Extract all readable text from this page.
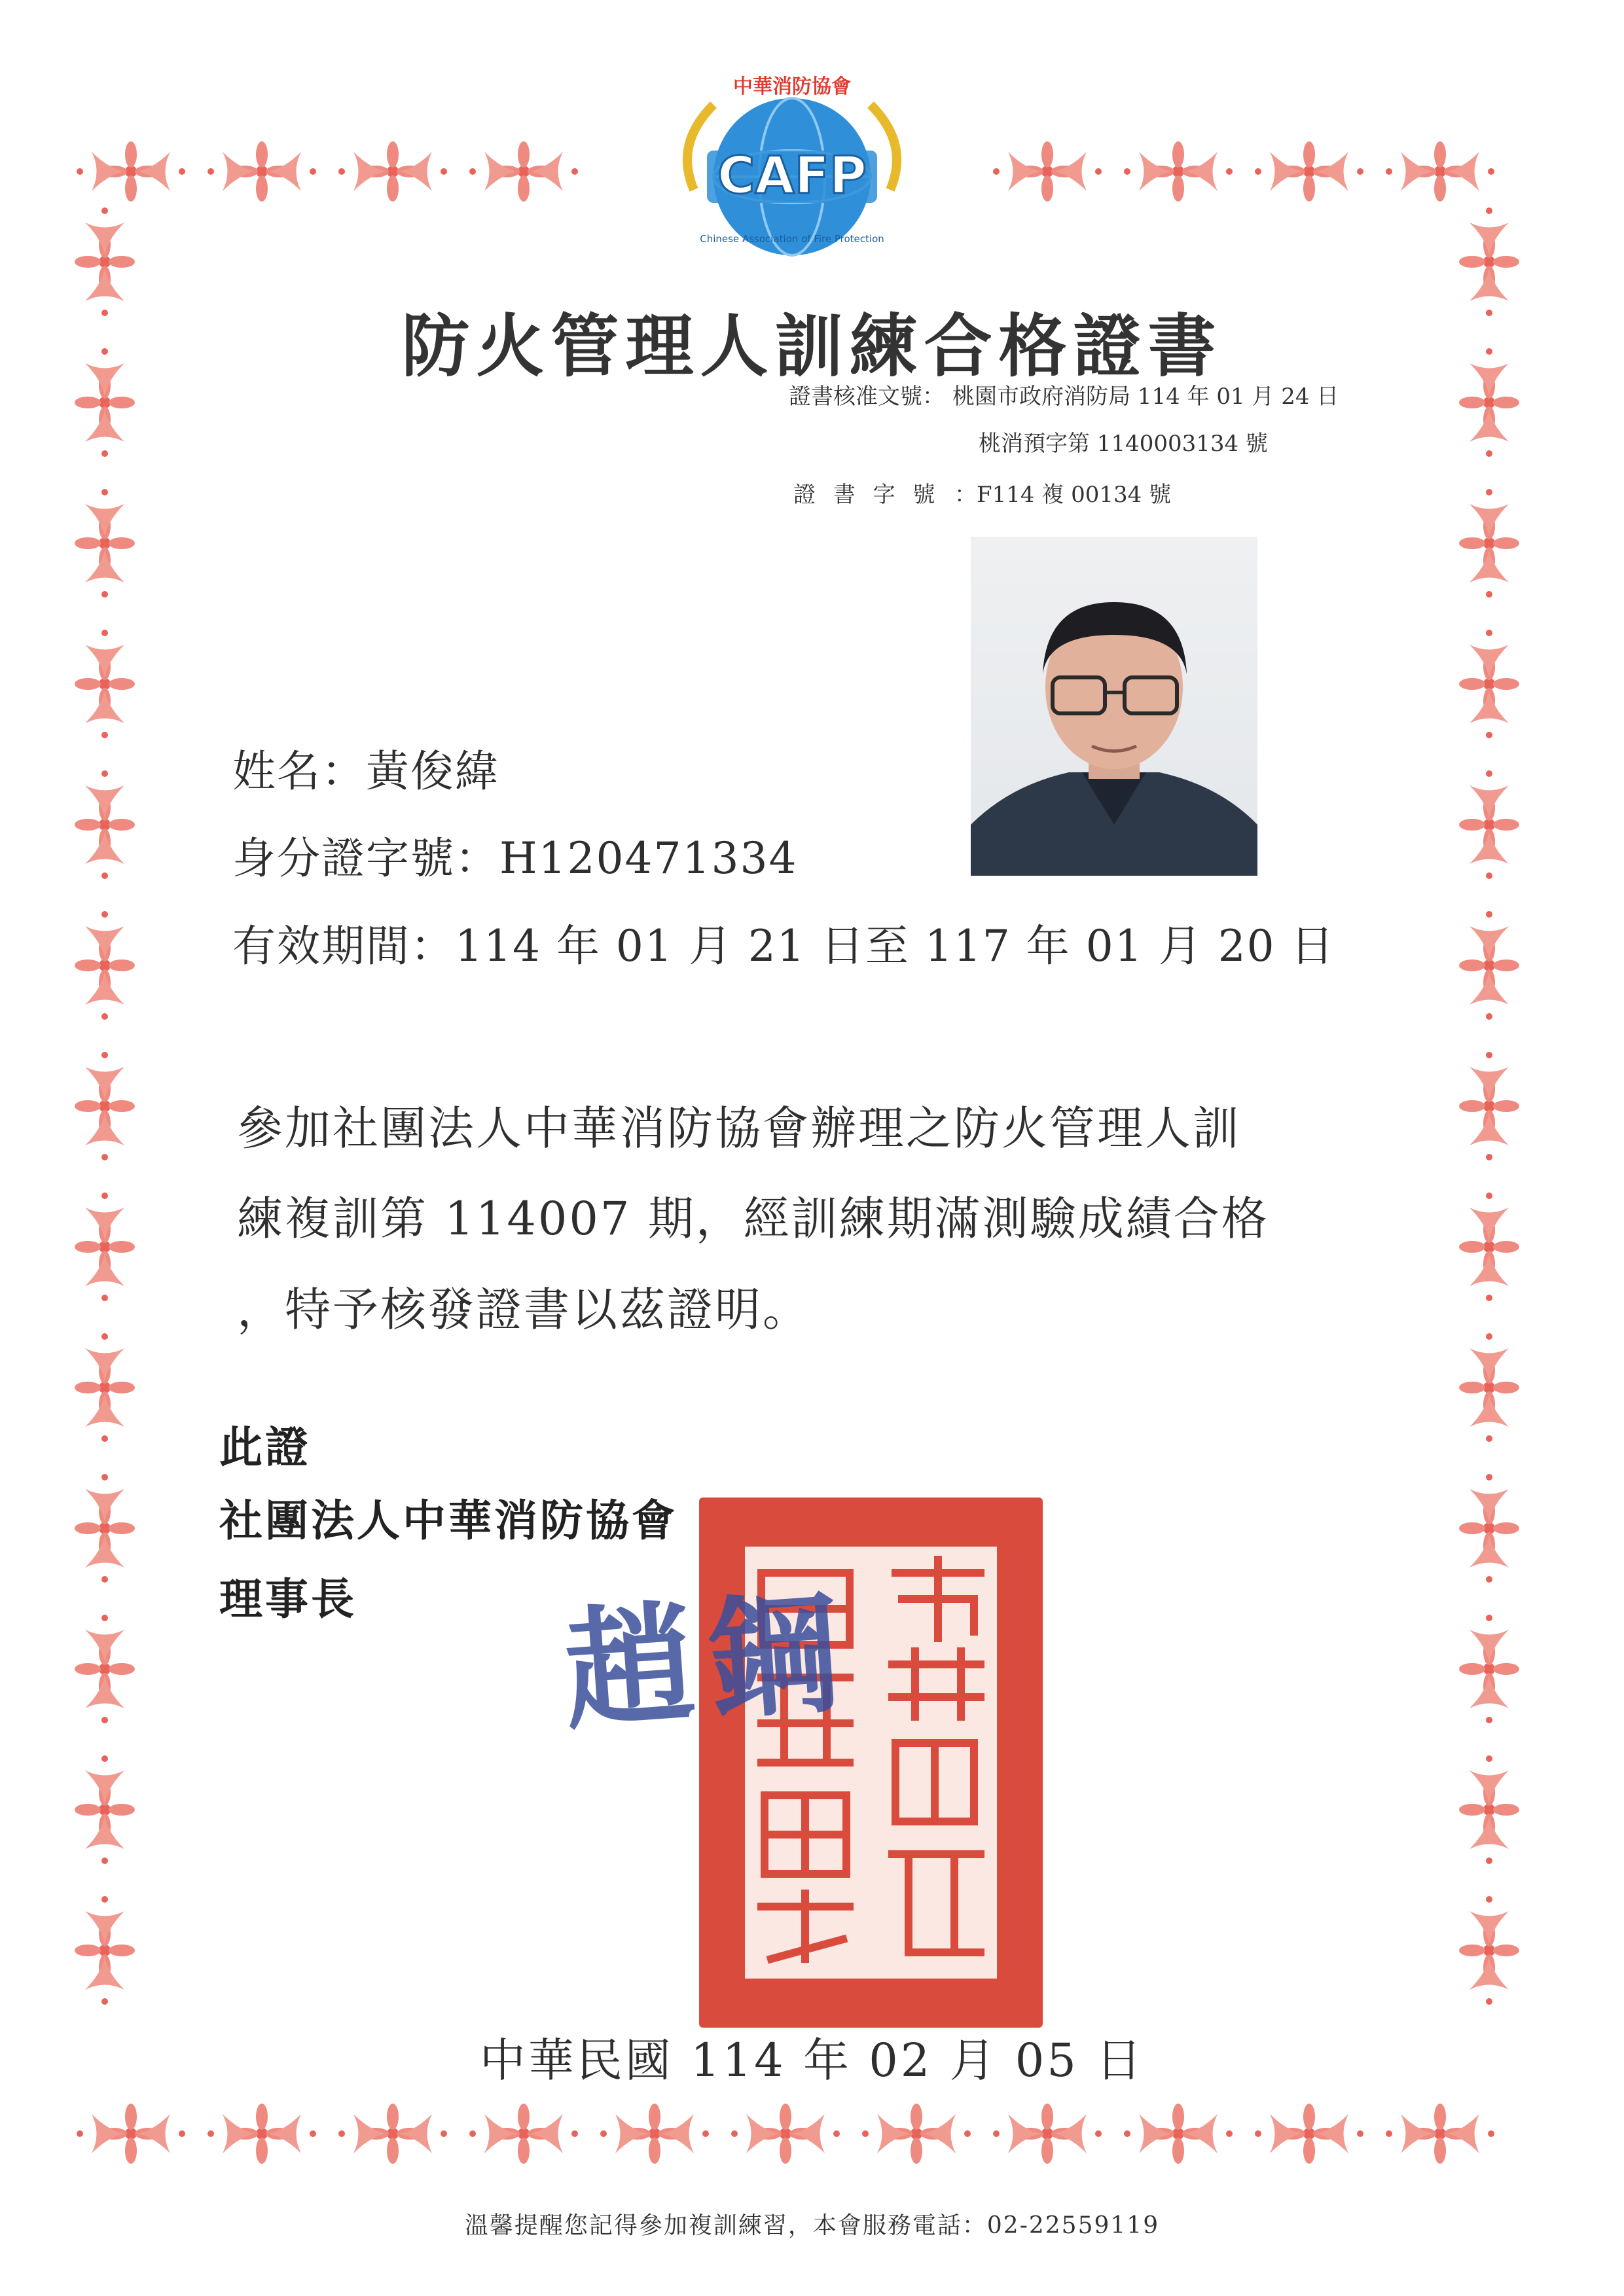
CAFP
中華消防協會
Chinese Association of Fire Protection
防火管理人訓練合格證書
證書核准文號： 桃園市政府消防局 114 年 01 月 24 日
桃消預字第 1140003134 號
證 書 字 號 ：F114 複 00134 號
姓名：黃俊緯
身分證字號：H120471334
有效期間：114 年 01 月 21 日至 117 年 01 月 20 日
參加社團法人中華消防協會辦理之防火管理人訓
練複訓第 114007 期，經訓練期滿測驗成績合格
，特予核發證書以茲證明。
此證
社團法人中華消防協會
理事長 趙鋼
中華民國 114 年 02 月 05 日
溫馨提醒您記得參加複訓練習，本會服務電話：02-22559119
